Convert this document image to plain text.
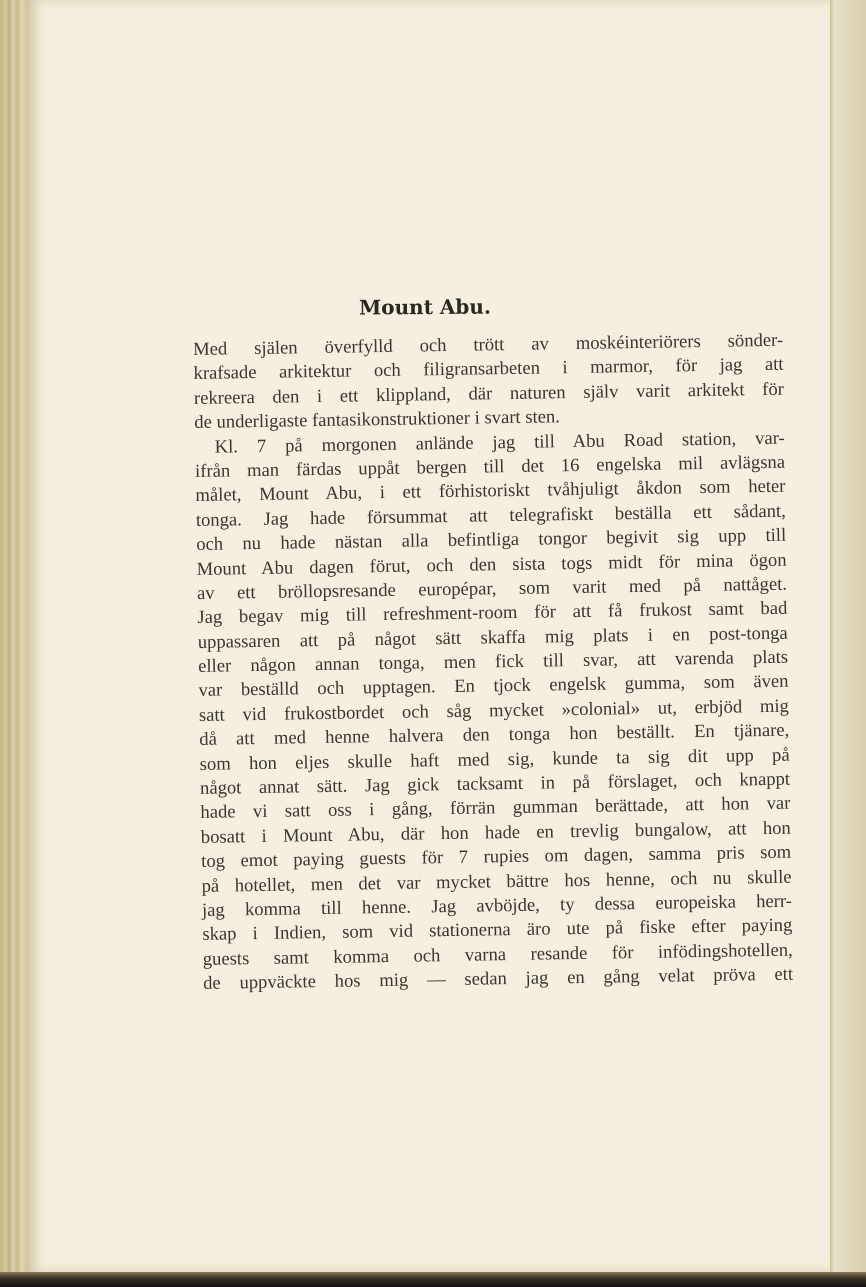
Mount Abu.
Med själen överfylld och trött av moskéinteriörers sönder-
krafsade arkitektur och filigransarbeten i marmor, för jag att
rekreera den i ett klippland, där naturen själv varit arkitekt för
de underligaste fantasikonstruktioner i svart sten.
Kl. 7 på morgonen anlände jag till Abu Road station, var-
ifrån man färdas uppåt bergen till det 16 engelska mil avlägsna
målet, Mount Abu, i ett förhistoriskt tvåhjuligt åkdon som heter
tonga. Jag hade försummat att telegrafiskt beställa ett sådant,
och nu hade nästan alla befintliga tongor begivit sig upp till
Mount Abu dagen förut, och den sista togs midt för mina ögon
av ett bröllopsresande europépar, som varit med på nattåget.
Jag begav mig till refreshment-room för att få frukost samt bad
uppassaren att på något sätt skaffa mig plats i en post-tonga
eller någon annan tonga, men fick till svar, att varenda plats
var beställd och upptagen. En tjock engelsk gumma, som även
satt vid frukostbordet och såg mycket »colonial» ut, erbjöd mig
då att med henne halvera den tonga hon beställt. En tjänare,
som hon eljes skulle haft med sig, kunde ta sig dit upp på
något annat sätt. Jag gick tacksamt in på förslaget, och knappt
hade vi satt oss i gång, förrän gumman berättade, att hon var
bosatt i Mount Abu, där hon hade en trevlig bungalow, att hon
tog emot paying guests för 7 rupies om dagen, samma pris som
på hotellet, men det var mycket bättre hos henne, och nu skulle
jag komma till henne. Jag avböjde, ty dessa europeiska herr-
skap i Indien, som vid stationerna äro ute på fiske efter paying
guests samt komma och varna resande för infödingshotellen,
de uppväckte hos mig — sedan jag en gång velat pröva ett
